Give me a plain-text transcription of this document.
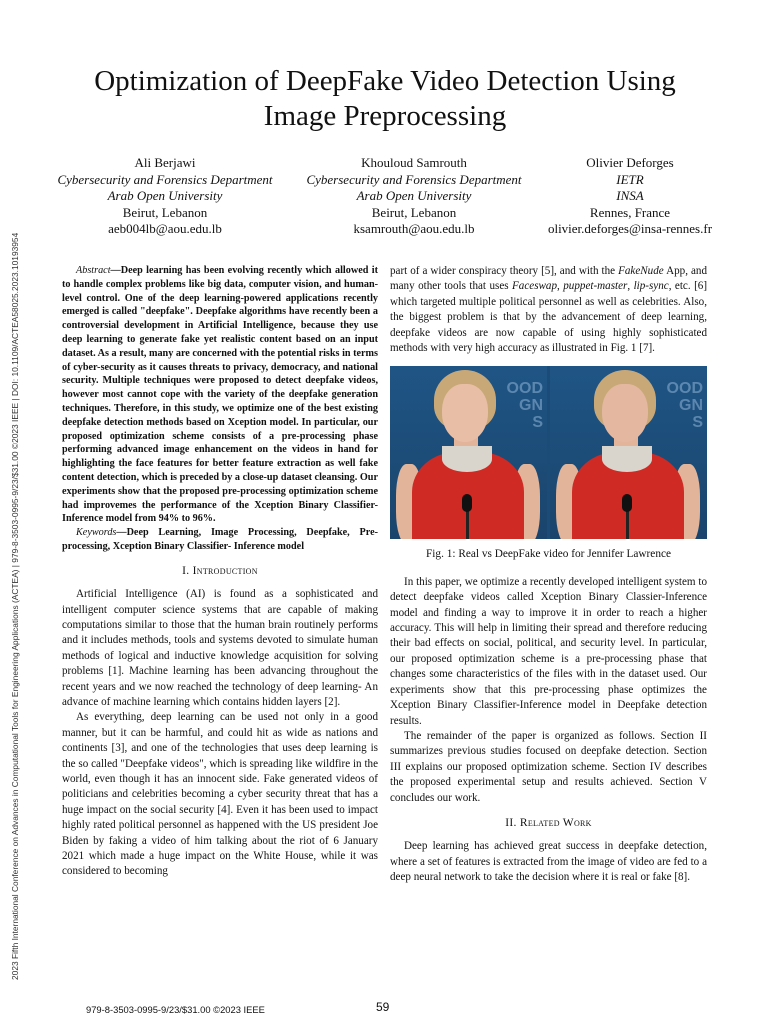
2023 Fifth International Conference on Advances in Computational Tools for Engineering Applications (ACTEA) | 979-8-3503-0995-9/23/$31.00 ©2023 IEEE | DOI: 10.1109/ACTEA58025.2023.10193954
Optimization of DeepFake Video Detection Using
Image Preprocessing
Ali Berjawi
Cybersecurity and Forensics Department
Arab Open University
Beirut, Lebanon
aeb004lb@aou.edu.lb
Khouloud Samrouth
Cybersecurity and Forensics Department
Arab Open University
Beirut, Lebanon
ksamrouth@aou.edu.lb
Olivier Deforges
IETR
INSA
Rennes, France
olivier.deforges@insa-rennes.fr

Abstract—Deep learning has been evolving recently which allowed it to handle complex problems like big data, computer vision, and human-level control. One of the deep learning-powered applications recently emerged is called "deepfake". Deepfake algorithms have recently been a controversial development in Artificial Intelligence, because they use deep learning to generate fake yet realistic content based on an input dataset. As a result, many are concerned with the potential risks in terms of cyber-security as it causes threats to privacy, democracy, and national security. Multiple techniques were proposed to detect deepfake videos, however most cannot cope with the variety of the deepfake generation techniques. Therefore, in this study, we optimize one of the best existing deepfake detection methods based on Xception model. In particular, our proposed optimization scheme consists of a pre-processing phase performing advanced image enhancement on the videos in hand for highlighting the face features for better feature extraction as well fake content detection, which is preceded by a close-up dataset cleansing. Our experiments show that the proposed pre-processing optimization scheme had improvemes the performance of the Xception Binary Classifier- Inference model from 94% to 96%.

Keywords—Deep Learning, Image Processing, Deepfake, Pre-processing, Xception Binary Classifier- Inference model

I. Introduction

Artificial Intelligence (AI) is found as a sophisticated and intelligent computer science systems that are capable of making computations similar to those that the human brain routinely performs and it includes methods, tools and systems devoted to simulate human methods of logical and inductive knowledge acquisition for solving problems [1]. Machine learning has been advancing throughout the recent years and we now reached the technology of deep learning- An advance of machine learning which contains hidden layers [2].

As everything, deep learning can be used not only in a good manner, but it can be harmful, and could hit as wide as nations and continents [3], and one of the technologies that uses deep learning is the so called "Deepfake videos", which is spreading like wildfire in the world, even though it has an innocent side. Fake generated videos of politicians and celebrities becoming a cyber security threat that has a huge impact on the social security [4]. Even it has been used to impact highly rated political personnel as happened with the US president Joe Biden by faking a video of him talking about the riot of 6 January 2021 which made a huge impact on the White House, while it was considered to becoming

part of a wider conspiracy theory [5], and with the FakeNude App, and many other tools that uses Faceswap, puppet-master, lip-sync, etc. [6] which targeted multiple political personnel as well as celebrities. Also, the biggest problem is that by the advancement of deep learning, deepfake videos are now capable of using highly sophisticated methods with very high accuracy as illustrated in Fig. 1 [7].

OOD
GN
S
OOD
GN
S
Fig. 1: Real vs DeepFake video for Jennifer Lawrence

In this paper, we optimize a recently developed intelligent system to detect deepfake videos called Xception Binary Classier-Inference model and finding a way to improve it in order to reach a higher accuracy. This will help in limiting their spread and therefore reducing their bad effects on social, political, and security level. In particular, our proposed optimization scheme is a pre-processing phase that changes some characteristics of the files with in the dataset used. Our experiments show that this pre-processing phase optimizes the Xception Binary Classifier-Inference model in Deepfake detection results.

The remainder of the paper is organized as follows. Section II summarizes previous studies focused on deepfake detection. Section III explains our proposed optimization scheme. Section IV describes the proposed experimental setup and results achieved. Section V concludes our work.

II. Related Work

Deep learning has achieved great success in deepfake detection, where a set of features is extracted from the image of video are fed to a deep neural network to take the decision where it is real or fake [8].

979-8-3503-0995-9/23/$31.00 ©2023 IEEE	59
